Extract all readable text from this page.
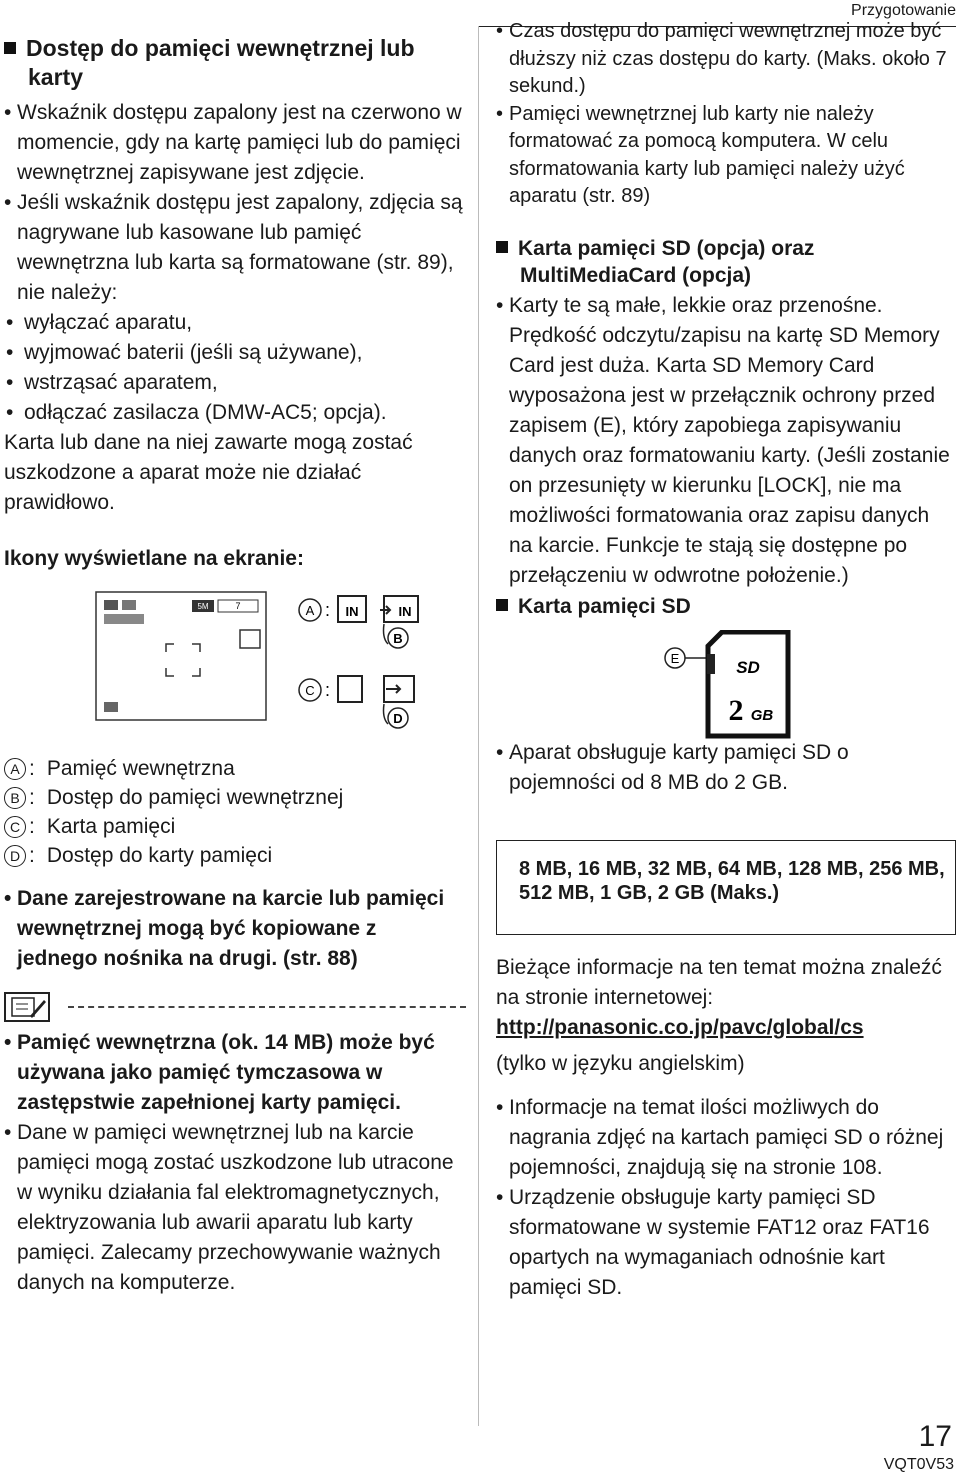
Przygotowanie
Dostęp do pamięci wewnętrznej lub karty
• Wskaźnik dostępu zapalony jest na czerwono w momencie, gdy na kartę pamięci lub do pamięci wewnętrznej zapisywane jest zdjęcie.
• Jeśli wskaźnik dostępu jest zapalony, zdjęcia są nagrywane lub kasowane lub pamięć wewnętrzna lub karta są formatowane (str. 89), nie należy:
• wyłączać aparatu,
• wyjmować baterii (jeśli są używane),
• wstrząsać aparatem,
• odłączać zasilacza (DMW-AC5; opcja).
Karta lub dane na niej zawarte mogą zostać uszkodzone a aparat może nie działać prawidłowo.
Ikony wyświetlane na ekranie:
5M	7	A : IN	IN
B
C :
D
A : Pamięć wewnętrzna
B : Dostęp do pamięci wewnętrznej
C : Karta pamięci
D : Dostęp do karty pamięci
• Dane zarejestrowane na karcie lub pamięci wewnętrznej mogą być kopiowane z jednego nośnika na drugi. (str. 88)
• Pamięć wewnętrzna (ok. 14 MB) może być używana jako pamięć tymczasowa w zastępstwie zapełnionej karty pamięci.
• Dane w pamięci wewnętrznej lub na karcie pamięci mogą zostać uszkodzone lub utracone w wyniku działania fal elektromagnetycznych, elektryzowania lub awarii aparatu lub karty pamięci. Zalecamy przechowywanie ważnych danych na komputerze.
• Czas dostępu do pamięci wewnętrznej może być dłuższy niż czas dostępu do karty. (Maks. około 7 sekund.)
• Pamięci wewnętrznej lub karty nie należy formatować za pomocą komputera. W celu sformatowania karty lub pamięci należy użyć aparatu (str. 89)
Karta pamięci SD (opcja) oraz MultiMediaCard (opcja)
• Karty te są małe, lekkie oraz przenośne. Prędkość odczytu/zapisu na kartę SD Memory Card jest duża. Karta SD Memory Card wyposażona jest w przełącznik ochrony przed zapisem (E), który zapobiega zapisywaniu danych oraz formatowaniu karty. (Jeśli zostanie on przesunięty w kierunku [LOCK], nie ma możliwości formatowania oraz zapisu danych na karcie. Funkcje te stają się dostępne po przełączeniu w odwrotne położenie.)
Karta pamięci SD
E	SD
2 GB
• Aparat obsługuje karty pamięci SD o pojemności od 8 MB do 2 GB.
8 MB, 16 MB, 32 MB, 64 MB, 128 MB, 256 MB, 512 MB, 1 GB, 2 GB (Maks.)
Bieżące informacje na ten temat można znaleźć na stronie internetowej:
http://panasonic.co.jp/pavc/global/cs
(tylko w języku angielskim)
• Informacje na temat ilości możliwych do nagrania zdjęć na kartach pamięci SD o różnej pojemności, znajdują się na stronie 108.
• Urządzenie obsługuje karty pamięci SD sformatowane w systemie FAT12 oraz FAT16 opartych na wymaganiach odnośnie kart pamięci SD.
17
VQT0V53
